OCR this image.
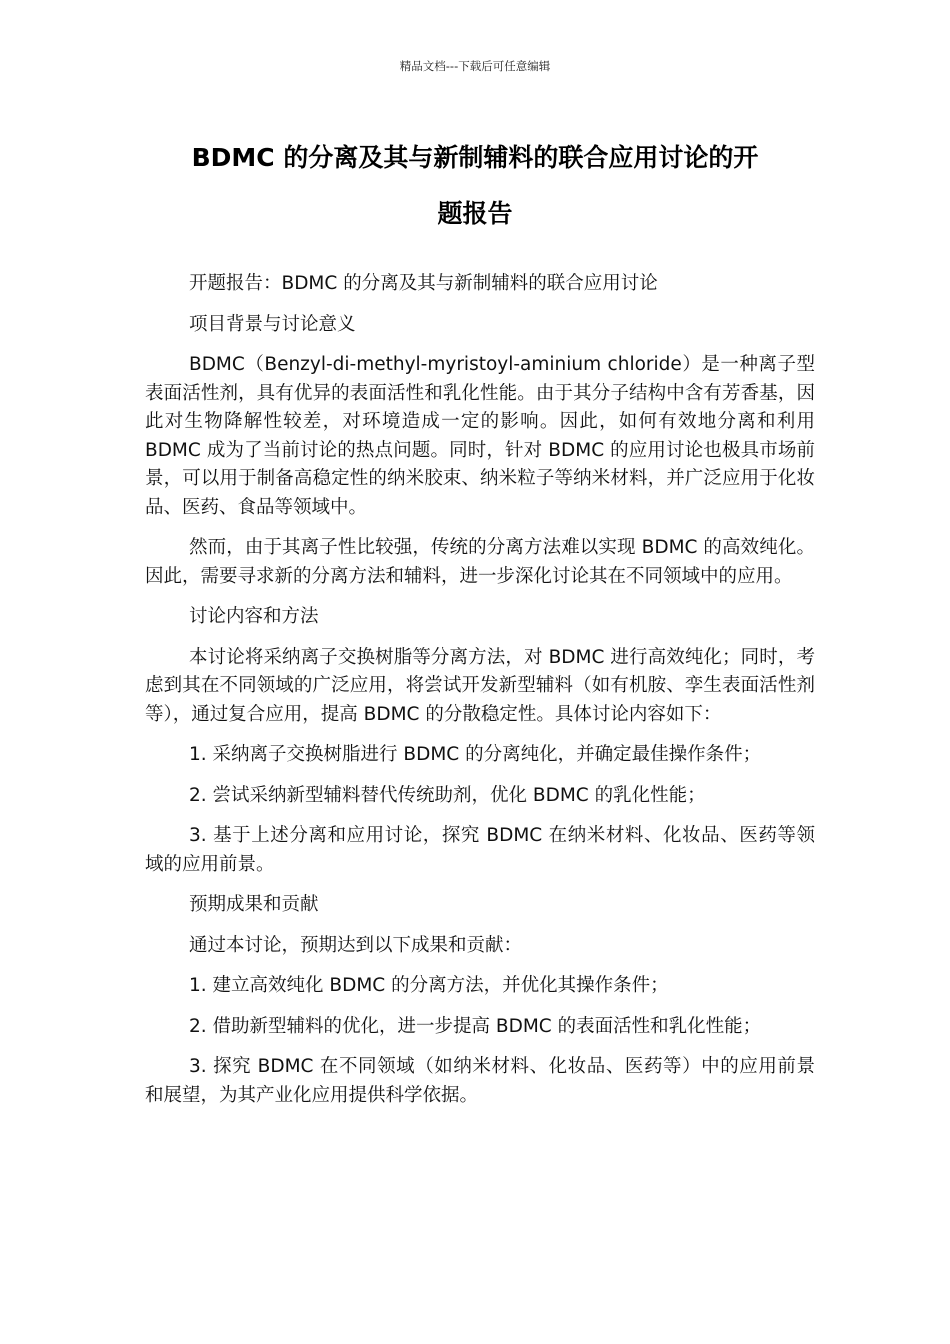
精品文档---下载后可任意编辑
BDMC 的分离及其与新制辅料的联合应用讨论的开
题报告

开题报告：BDMC 的分离及其与新制辅料的联合应用讨论

项目背景与讨论意义

BDMC（Benzyl-di-methyl-myristoyl-aminium chloride）是一种离子型表面活性剂，具有优异的表面活性和乳化性能。由于其分子结构中含有芳香基，因此对生物降解性较差，对环境造成一定的影响。因此，如何有效地分离和利用 BDMC 成为了当前讨论的热点问题。同时，针对 BDMC 的应用讨论也极具市场前景，可以用于制备高稳定性的纳米胶束、纳米粒子等纳米材料，并广泛应用于化妆品、医药、食品等领域中。

然而，由于其离子性比较强，传统的分离方法难以实现 BDMC 的高效纯化。因此，需要寻求新的分离方法和辅料，进一步深化讨论其在不同领域中的应用。

讨论内容和方法

本讨论将采纳离子交换树脂等分离方法，对 BDMC 进行高效纯化；同时，考虑到其在不同领域的广泛应用，将尝试开发新型辅料（如有机胺、孪生表面活性剂等），通过复合应用，提高 BDMC 的分散稳定性。具体讨论内容如下：

1. 采纳离子交换树脂进行 BDMC 的分离纯化，并确定最佳操作条件；

2. 尝试采纳新型辅料替代传统助剂，优化 BDMC 的乳化性能；

3. 基于上述分离和应用讨论，探究 BDMC 在纳米材料、化妆品、医药等领域的应用前景。

预期成果和贡献

通过本讨论，预期达到以下成果和贡献：

1. 建立高效纯化 BDMC 的分离方法，并优化其操作条件；

2. 借助新型辅料的优化，进一步提高 BDMC 的表面活性和乳化性能；

3. 探究 BDMC 在不同领域（如纳米材料、化妆品、医药等）中的应用前景和展望，为其产业化应用提供科学依据。
